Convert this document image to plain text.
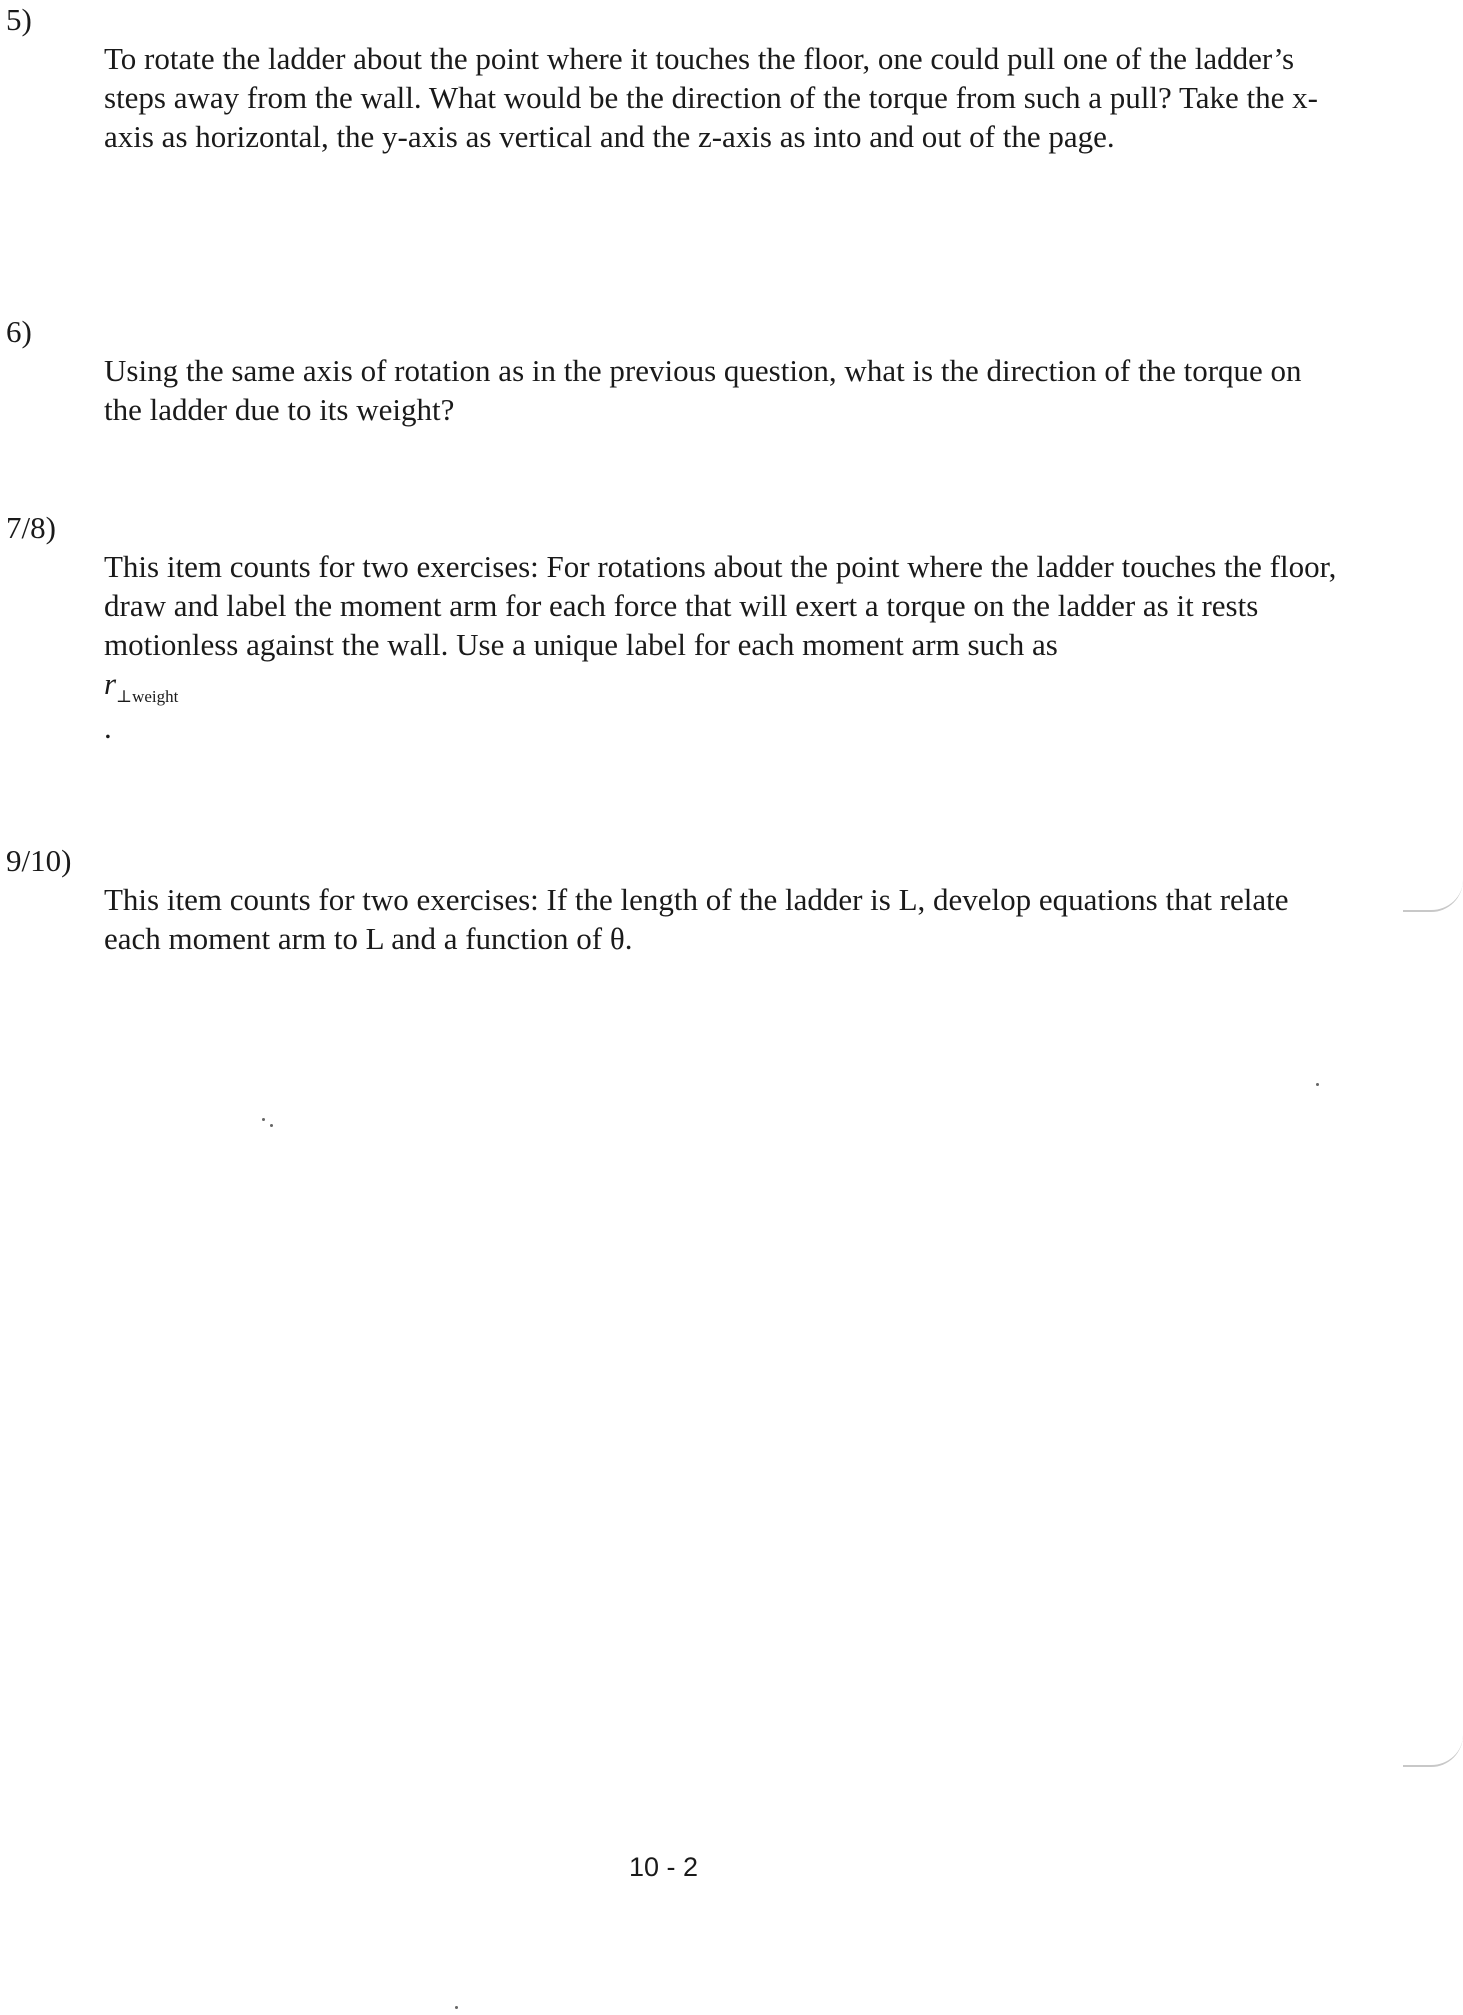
5)

To rotate the ladder about the point where it touches the floor, one could pull one of the ladder’s steps away from the wall. What would be the direction of the torque from such a pull? Take the x-axis as horizontal, the y-axis as vertical and the z-axis as into and out of the page.

6)

Using the same axis of rotation as in the previous question, what is the direction of the torque on the ladder due to its weight?

7/8)

This item counts for two exercises: For rotations about the point where the ladder touches the floor, draw and label the moment arm for each force that will exert a torque on the ladder as it rests motionless against the wall. Use a unique label for each moment arm such as
$r_{\perp weight}$
.

9/10)

This item counts for two exercises: If the length of the ladder is L, develop equations that relate each moment arm to L and a function of θ.

10 - 2
